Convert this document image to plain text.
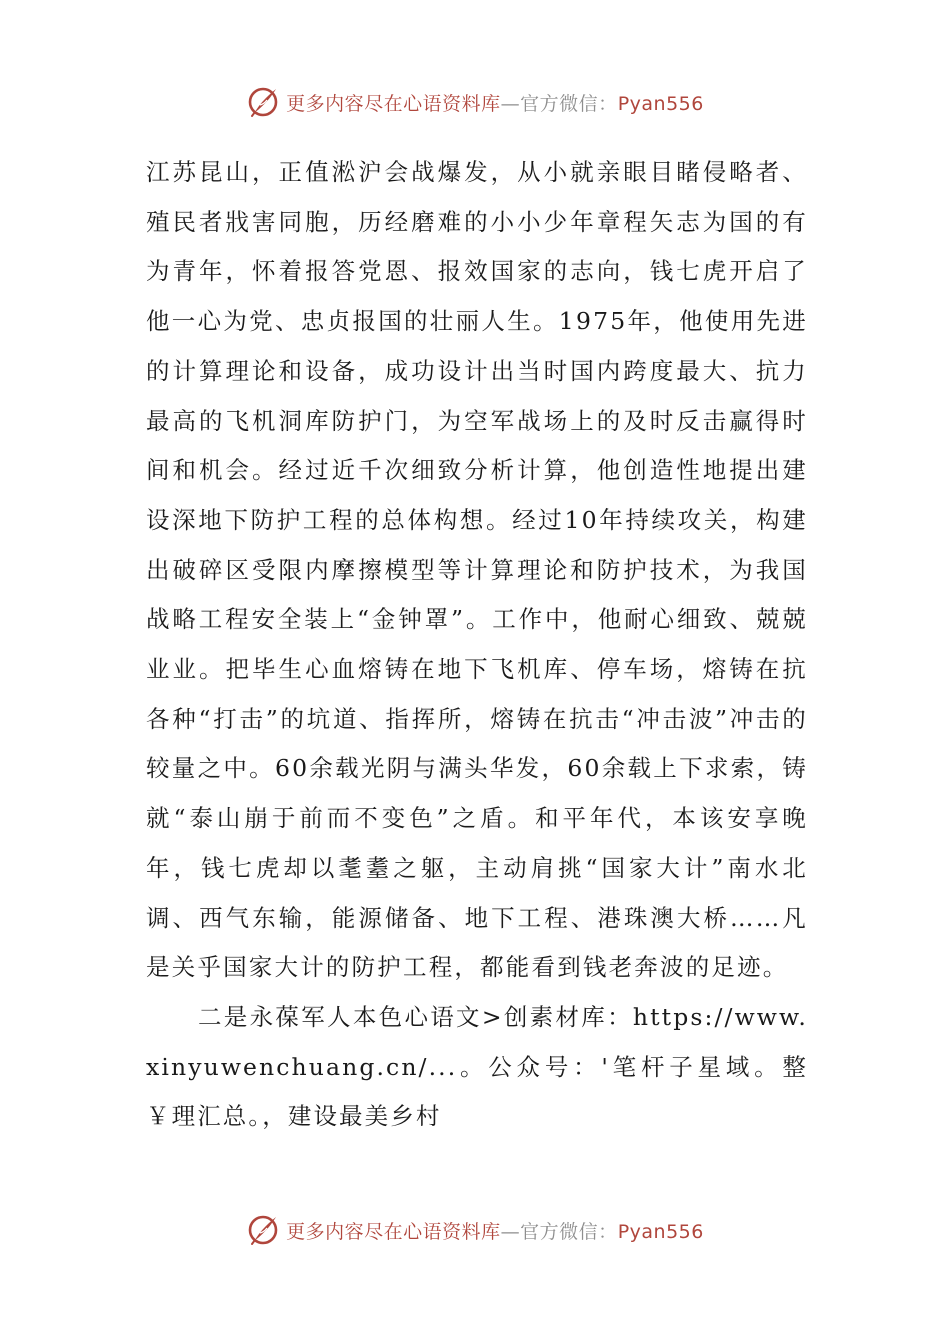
更多内容尽在心语资料库—官方微信：Pyan556

江苏昆山，正值淞沪会战爆发，从小就亲眼目睹侵略者、殖民者戕害同胞，历经磨难的小小少年章程矢志为国的有为青年，怀着报答党恩、报效国家的志向，钱七虎开启了他一心为党、忠贞报国的壮丽人生。1975年，他使用先进的计算理论和设备，成功设计出当时国内跨度最大、抗力最高的飞机洞库防护门，为空军战场上的及时反击赢得时间和机会。经过近千次细致分析计算，他创造性地提出建设深地下防护工程的总体构想。经过10年持续攻关，构建出破碎区受限内摩擦模型等计算理论和防护技术，为我国战略工程安全装上“金钟罩”。工作中，他耐心细致、兢兢业业。把毕生心血熔铸在地下飞机库、停车场，熔铸在抗各种“打击”的坑道、指挥所，熔铸在抗击“冲击波”冲击的较量之中。60余载光阴与满头华发，60余载上下求索，铸就“泰山崩于前而不变色”之盾。和平年代，本该安享晚年，钱七虎却以耄耋之躯，主动肩挑“国家大计”南水北调、西气东输，能源储备、地下工程、港珠澳大桥……凡是关乎国家大计的防护工程，都能看到钱老奔波的足迹。

二是永葆军人本色心语文>创素材库：https://www.xinyuwenchuang.cn/...。公众号：'笔杆子星域。整￥理汇总。，建设最美乡村

更多内容尽在心语资料库—官方微信：Pyan556
